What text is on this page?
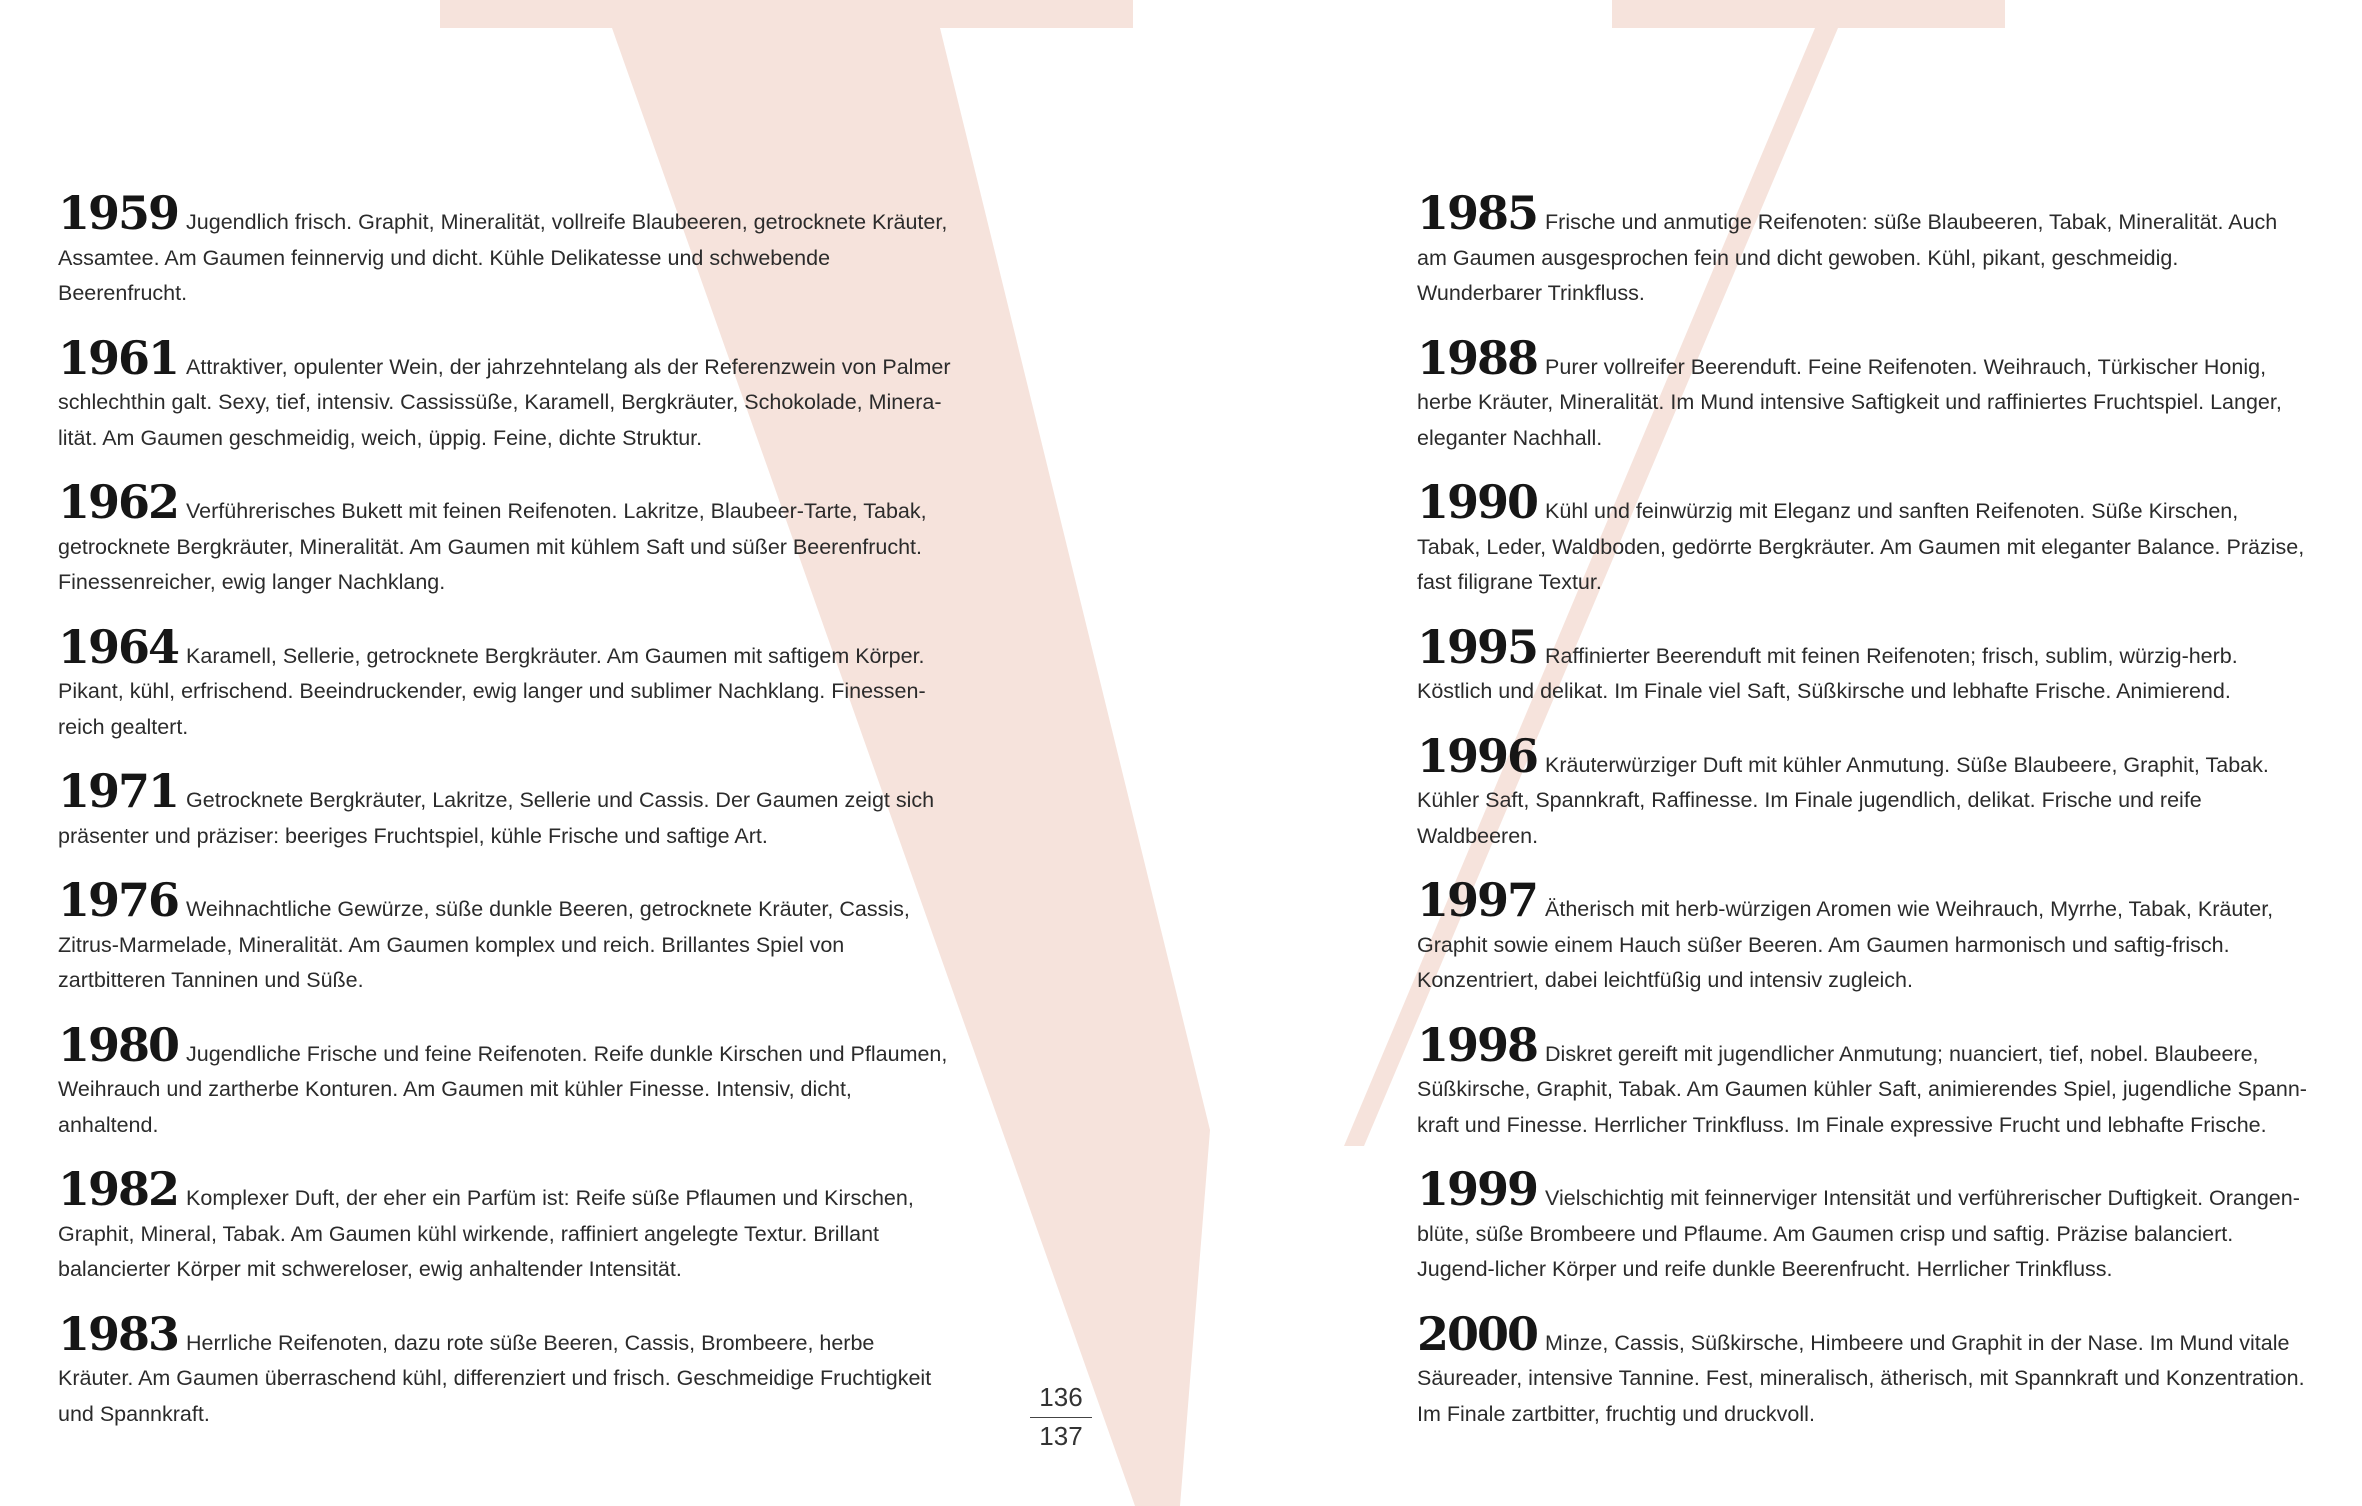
1959 Jugendlich frisch. Graphit, Mineralität, vollreife Blaubeeren, getrocknete Kräuter, Assamtee. Am Gaumen feinnervig und dicht. Kühle Delikatesse und schwebende Beerenfrucht.

1961 Attraktiver, opulenter Wein, der jahrzehntelang als der Referenzwein von Palmer schlechthin galt. Sexy, tief, intensiv. Cassissüße, Karamell, Bergkräuter, Schokolade, Minera-lität. Am Gaumen geschmeidig, weich, üppig. Feine, dichte Struktur.

1962 Verführerisches Bukett mit feinen Reifenoten. Lakritze, Blaubeer-Tarte, Tabak, getrocknete Bergkräuter, Mineralität. Am Gaumen mit kühlem Saft und süßer Beerenfrucht. Finessenreicher, ewig langer Nachklang.

1964 Karamell, Sellerie, getrocknete Bergkräuter. Am Gaumen mit saftigem Körper. Pikant, kühl, erfrischend. Beeindruckender, ewig langer und sublimer Nachklang. Finessen-reich gealtert.

1971 Getrocknete Bergkräuter, Lakritze, Sellerie und Cassis. Der Gaumen zeigt sich präsenter und präziser: beeriges Fruchtspiel, kühle Frische und saftige Art.

1976 Weihnachtliche Gewürze, süße dunkle Beeren, getrocknete Kräuter, Cassis, Zitrus-Marmelade, Mineralität. Am Gaumen komplex und reich. Brillantes Spiel von zartbitteren Tanninen und Süße.

1980 Jugendliche Frische und feine Reifenoten. Reife dunkle Kirschen und Pflaumen, Weihrauch und zartherbe Konturen. Am Gaumen mit kühler Finesse. Intensiv, dicht, anhaltend.

1982 Komplexer Duft, der eher ein Parfüm ist: Reife süße Pflaumen und Kirschen, Graphit, Mineral, Tabak. Am Gaumen kühl wirkende, raffiniert angelegte Textur. Brillant balancierter Körper mit schwereloser, ewig anhaltender Intensität.

1983 Herrliche Reifenoten, dazu rote süße Beeren, Cassis, Brombeere, herbe Kräuter. Am Gaumen überraschend kühl, differenziert und frisch. Geschmeidige Fruchtigkeit und Spannkraft.

1985 Frische und anmutige Reifenoten: süße Blaubeeren, Tabak, Mineralität. Auch am Gaumen ausgesprochen fein und dicht gewoben. Kühl, pikant, geschmeidig. Wunderbarer Trinkfluss.

1988 Purer vollreifer Beerenduft. Feine Reifenoten. Weihrauch, Türkischer Honig, herbe Kräuter, Mineralität. Im Mund intensive Saftigkeit und raffiniertes Fruchtspiel. Langer, eleganter Nachhall.

1990 Kühl und feinwürzig mit Eleganz und sanften Reifenoten. Süße Kirschen, Tabak, Leder, Waldboden, gedörrte Bergkräuter. Am Gaumen mit eleganter Balance. Präzise, fast filigrane Textur.

1995 Raffinierter Beerenduft mit feinen Reifenoten; frisch, sublim, würzig-herb. Köstlich und delikat. Im Finale viel Saft, Süßkirsche und lebhafte Frische. Animierend.

1996 Kräuterwürziger Duft mit kühler Anmutung. Süße Blaubeere, Graphit, Tabak. Kühler Saft, Spannkraft, Raffinesse. Im Finale jugendlich, delikat. Frische und reife Waldbeeren.

1997 Ätherisch mit herb-würzigen Aromen wie Weihrauch, Myrrhe, Tabak, Kräuter, Graphit sowie einem Hauch süßer Beeren. Am Gaumen harmonisch und saftig-frisch. Konzentriert, dabei leichtfüßig und intensiv zugleich.

1998 Diskret gereift mit jugendlicher Anmutung; nuanciert, tief, nobel. Blaubeere, Süßkirsche, Graphit, Tabak. Am Gaumen kühler Saft, animierendes Spiel, jugendliche Spann-kraft und Finesse. Herrlicher Trinkfluss. Im Finale expressive Frucht und lebhafte Frische.

1999 Vielschichtig mit feinnerviger Intensität und verführerischer Duftigkeit. Orangen-blüte, süße Brombeere und Pflaume. Am Gaumen crisp und saftig. Präzise balanciert. Jugend-licher Körper und reife dunkle Beerenfrucht. Herrlicher Trinkfluss.

2000 Minze, Cassis, Süßkirsche, Himbeere und Graphit in der Nase. Im Mund vitale Säureader, intensive Tannine. Fest, mineralisch, ätherisch, mit Spannkraft und Konzentration. Im Finale zartbitter, fruchtig und druckvoll.

136
137
